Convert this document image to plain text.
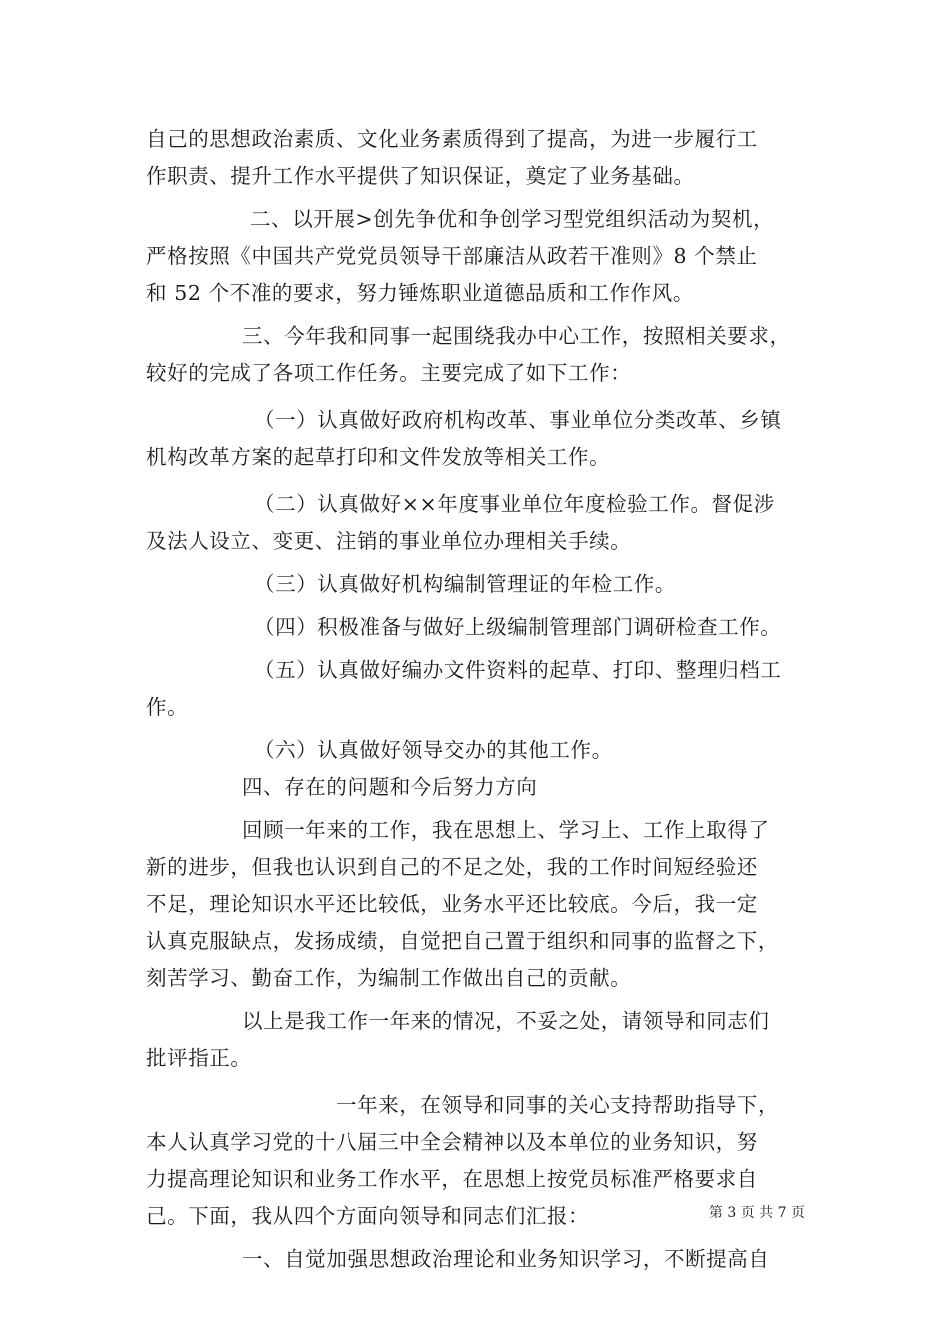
自己的思想政治素质、文化业务素质得到了提高，为进一步履行工
作职责、提升工作水平提供了知识保证，奠定了业务基础。
二、以开展>创先争优和争创学习型党组织活动为契机，
严格按照《中国共产党党员领导干部廉洁从政若干准则》8 个禁止
和 52 个不准的要求，努力锤炼职业道德品质和工作作风。
三、今年我和同事一起围绕我办中心工作，按照相关要求，
较好的完成了各项工作任务。主要完成了如下工作：
（一）认真做好政府机构改革、事业单位分类改革、乡镇
机构改革方案的起草打印和文件发放等相关工作。
（二）认真做好××年度事业单位年度检验工作。督促涉
及法人设立、变更、注销的事业单位办理相关手续。
（三）认真做好机构编制管理证的年检工作。
（四）积极准备与做好上级编制管理部门调研检查工作。
（五）认真做好编办文件资料的起草、打印、整理归档工
作。
（六）认真做好领导交办的其他工作。
四、存在的问题和今后努力方向
回顾一年来的工作，我在思想上、学习上、工作上取得了
新的进步，但我也认识到自己的不足之处，我的工作时间短经验还
不足，理论知识水平还比较低，业务水平还比较底。今后，我一定
认真克服缺点，发扬成绩，自觉把自己置于组织和同事的监督之下，
刻苦学习、勤奋工作，为编制工作做出自己的贡献。
以上是我工作一年来的情况，不妥之处，请领导和同志们
批评指正。
一年来，在领导和同事的关心支持帮助指导下，
本人认真学习党的十八届三中全会精神以及本单位的业务知识，努
力提高理论知识和业务工作水平，在思想上按党员标准严格要求自
己。下面，我从四个方面向领导和同志们汇报：
一、自觉加强思想政治理论和业务知识学习，不断提高自
第 3 页 共 7 页
